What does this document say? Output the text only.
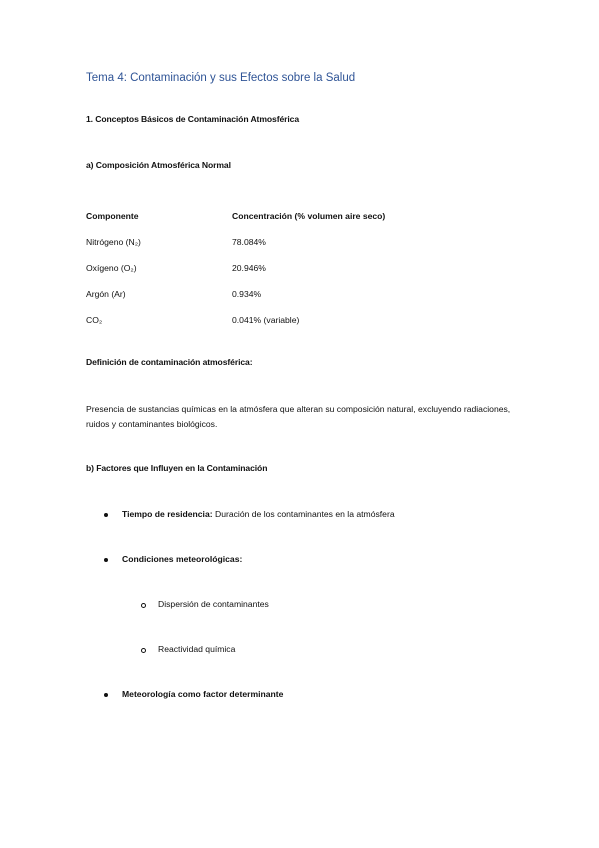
Tema 4: Contaminación y sus Efectos sobre la Salud
1. Conceptos Básicos de Contaminación Atmosférica
a) Composición Atmosférica Normal
Componente	Concentración (% volumen aire seco)
Nitrógeno (N₂)	78.084%
Oxígeno (O₂)	20.946%
Argón (Ar)	0.934%
CO₂	0.041% (variable)
Definición de contaminación atmosférica:
Presencia de sustancias químicas en la atmósfera que alteran su composición natural, excluyendo radiaciones, ruidos y contaminantes biológicos.
b) Factores que Influyen en la Contaminación
Tiempo de residencia: Duración de los contaminantes en la atmósfera
Condiciones meteorológicas:
Dispersión de contaminantes
Reactividad química
Meteorología como factor determinante
